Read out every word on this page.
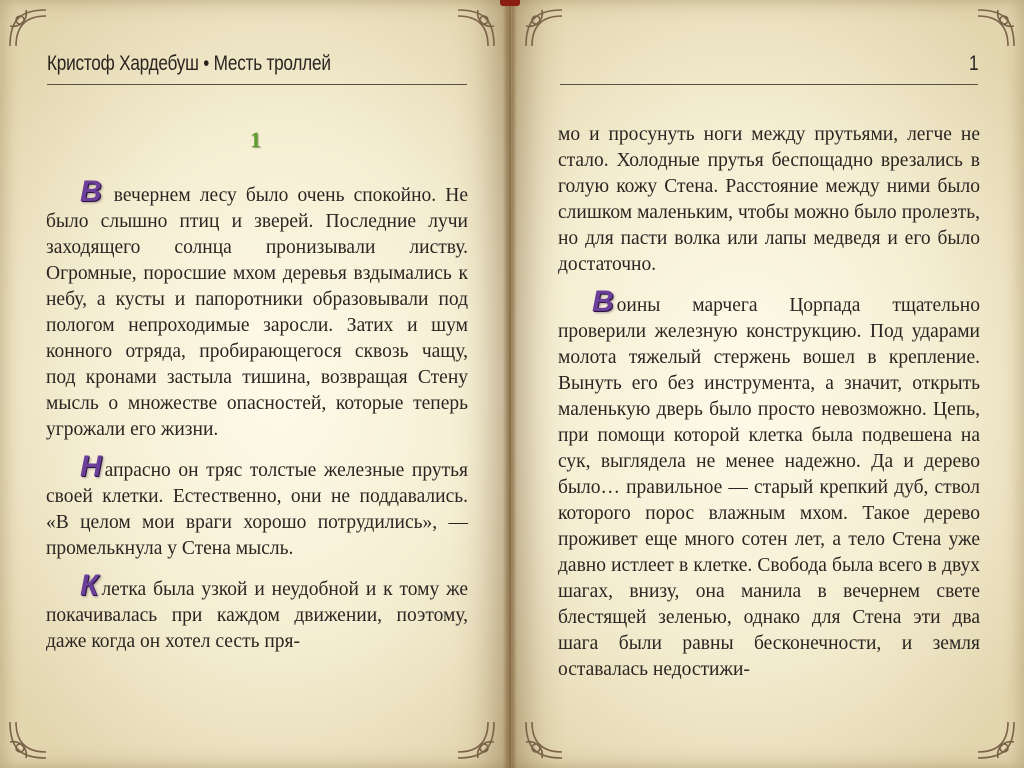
Кристоф Хардебуш • Месть троллей	1
1

В вечернем лесу было очень спокойно. Не было слышно птиц и зверей. Последние лучи заходящего солнца пронизывали листву. Огромные, поросшие мхом деревья вздымались к небу, а кусты и папоротники образовывали под пологом непроходимые заросли. Затих и шум конного отряда, пробирающегося сквозь чащу, под кронами застыла тишина, возвращая Стену мысль о множестве опасностей, которые теперь угрожали его жизни.

Напрасно он тряс толстые железные прутья своей клетки. Естественно, они не поддавались. «В целом мои враги хорошо потрудились», — промелькнула у Стена мысль.

Клетка была узкой и неудобной и к тому же покачивалась при каждом движении, поэтому, даже когда он хотел сесть пря-

мо и просунуть ноги между прутьями, легче не стало. Холодные прутья беспощадно врезались в голую кожу Стена. Расстояние между ними было слишком маленьким, чтобы можно было пролезть, но для пасти волка или лапы медведя и его было достаточно.

Воины марчега Цорпада тщательно проверили железную конструкцию. Под ударами молота тяжелый стержень вошел в крепление. Вынуть его без инструмента, а значит, открыть маленькую дверь было просто невозможно. Цепь, при помощи которой клетка была подвешена на сук, выглядела не менее надежно. Да и дерево было… правильное — старый крепкий дуб, ствол которого порос влажным мхом. Такое дерево проживет еще много сотен лет, а тело Стена уже давно истлеет в клетке. Свобода была всего в двух шагах, внизу, она манила в вечернем свете блестящей зеленью, однако для Стена эти два шага были равны бесконечности, и земля оставалась недостижи-
